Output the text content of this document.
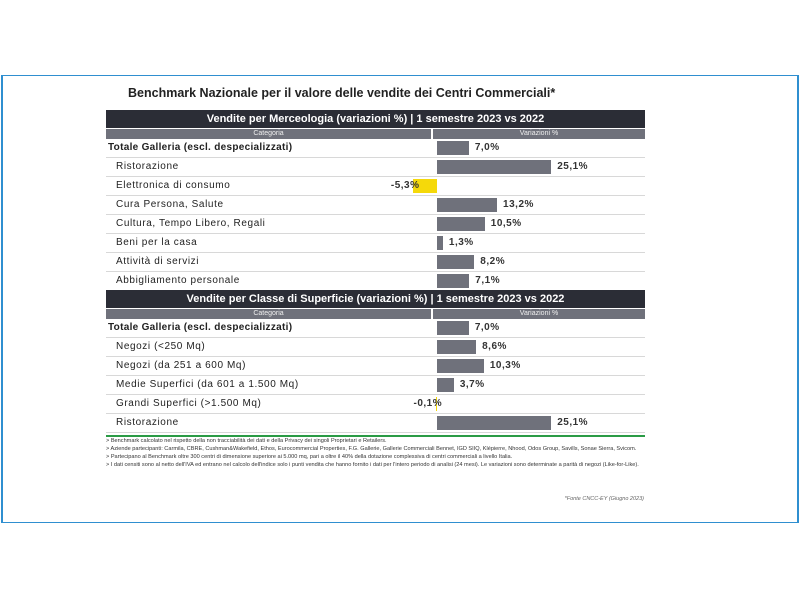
Benchmark Nazionale per il valore delle vendite dei Centri Commerciali*
Vendite per Merceologia (variazioni %) | 1 semestre 2023 vs 2022
Categoria	Variazioni %
Totale Galleria (escl. despecializzati)	7,0%
Ristorazione	25,1%
Elettronica di consumo	-5,3%
Cura Persona, Salute	13,2%
Cultura, Tempo Libero, Regali	10,5%
Beni per la casa	1,3%
Attività di servizi	8,2%
Abbigliamento personale	7,1%
Vendite per Classe di Superficie (variazioni %) | 1 semestre 2023 vs 2022
Categoria	Variazioni %
Totale Galleria (escl. despecializzati)	7,0%
Negozi (<250 Mq)	8,6%
Negozi (da 251 a 600 Mq)	10,3%
Medie Superfici (da 601 a 1.500 Mq)	3,7%
Grandi Superfici (>1.500 Mq)	-0,1%
Ristorazione	25,1%
> Benchmark calcolato nel rispetto della non tracciabilità dei dati e della Privacy dei singoli Proprietari e Retailers.
> Aziende partecipanti: Carmila, CBRE, Cushman&Wakefield, Ethos, Eurocommercial Properties, F.G. Gallerie, Gallerie Commerciali Bennet, IGD SIIQ, Klépierre, Nhood, Odos Group, Savills, Sonae Sierra, Svicom.
> Partecipano al Benchmark oltre 300 centri di dimensione superiore ai 5.000 mq, pari a oltre il 40% della dotazione complessiva di centri commerciali a livello Italia.
> I dati censiti sono al netto dell'IVA ed entrano nel calcolo dell'indice solo i punti vendita che hanno fornito i dati per l'intero periodo di analisi (24 mesi). Le variazioni sono determinate a parità di negozi (Like-for-Like).
*Fonte CNCC-EY (Giugno 2023)
